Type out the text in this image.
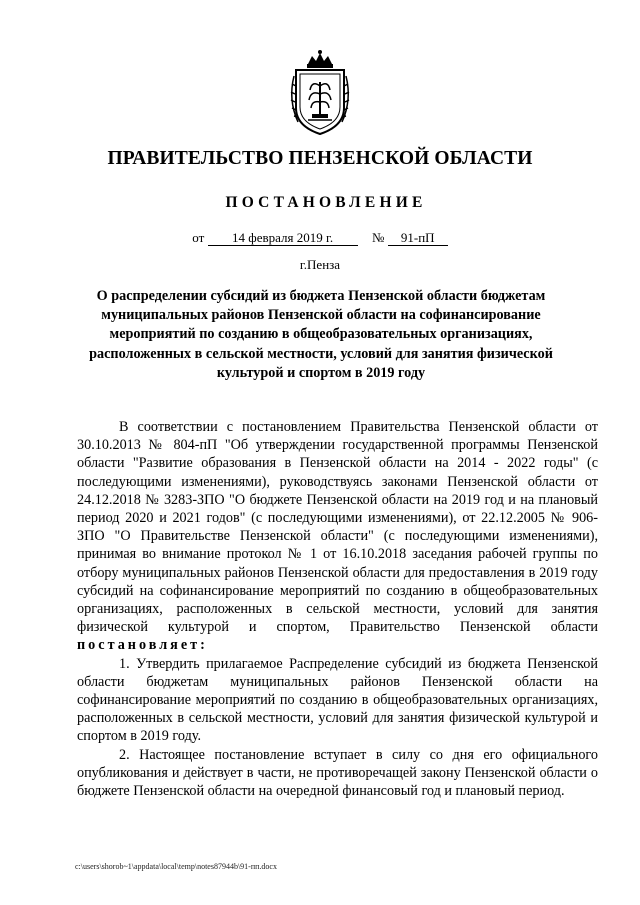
ПРАВИТЕЛЬСТВО ПЕНЗЕНСКОЙ ОБЛАСТИ
ПОСТАНОВЛЕНИЕ
от 14 февраля 2019 г.	№ 91-пП
г.Пенза
О распределении субсидий из бюджета Пензенской области бюджетам муниципальных районов Пензенской области на софинансирование мероприятий по созданию в общеобразовательных организациях, расположенных в сельской местности, условий для занятия физической культурой и спортом в 2019 году

В соответствии с постановлением Правительства Пензенской области от 30.10.2013 № 804-пП "Об утверждении государственной программы Пензенской области "Развитие образования в Пензенской области на 2014 - 2022 годы" (с последующими изменениями), руководствуясь законами Пензенской области от 24.12.2018 № 3283-ЗПО "О бюджете Пензенской области на 2019 год и на плановый период 2020 и 2021 годов" (с последующими изменениями), от 22.12.2005 № 906-ЗПО "О Правительстве Пензенской области" (с последующими изменениями), принимая во внимание протокол № 1 от 16.10.2018 заседания рабочей группы по отбору муниципальных районов Пензенской области для предоставления в 2019 году субсидий на софинансирование мероприятий по созданию в общеобразовательных организациях, расположенных в сельской местности, условий для занятия физической культурой и спортом, Правительство Пензенской области постановляет:

1. Утвердить прилагаемое Распределение субсидий из бюджета Пензенской области бюджетам муниципальных районов Пензенской области на софинансирование мероприятий по созданию в общеобразовательных организациях, расположенных в сельской местности, условий для занятия физической культурой и спортом в 2019 году.

2. Настоящее постановление вступает в силу со дня его официального опубликования и действует в части, не противоречащей закону Пензенской области о бюджете Пензенской области на очередной финансовый год и плановый период.

c:\users\shorob~1\appdata\local\temp\notes87944b\91-пп.docx
